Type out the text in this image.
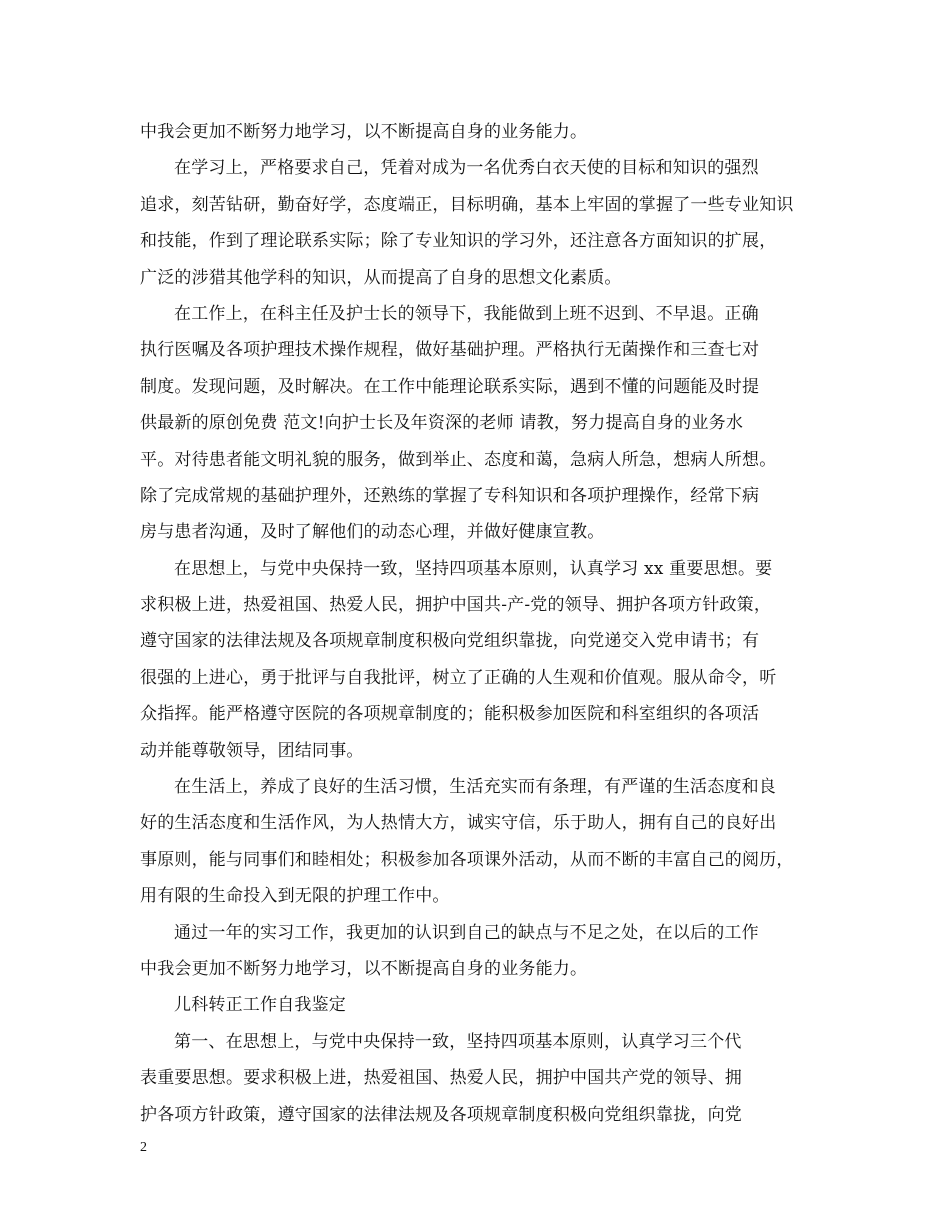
中我会更加不断努力地学习，以不断提高自身的业务能力。
在学习上，严格要求自己，凭着对成为一名优秀白衣天使的目标和知识的强烈
追求，刻苦钻研，勤奋好学，态度端正，目标明确，基本上牢固的掌握了一些专业知识
和技能，作到了理论联系实际；除了专业知识的学习外，还注意各方面知识的扩展，
广泛的涉猎其他学科的知识，从而提高了自身的思想文化素质。
在工作上，在科主任及护士长的领导下，我能做到上班不迟到、不早退。正确
执行医嘱及各项护理技术操作规程，做好基础护理。严格执行无菌操作和三查七对
制度。发现问题，及时解决。在工作中能理论联系实际，遇到不懂的问题能及时提
供最新的原创免费 范文!向护士长及年资深的老师 请教，努力提高自身的业务水
平。对待患者能文明礼貌的服务，做到举止、态度和蔼，急病人所急，想病人所想。
除了完成常规的基础护理外，还熟练的掌握了专科知识和各项护理操作，经常下病
房与患者沟通，及时了解他们的动态心理，并做好健康宣教。
在思想上，与党中央保持一致，坚持四项基本原则，认真学习 xx 重要思想。要
求积极上进，热爱祖国、热爱人民，拥护中国共-产-党的领导、拥护各项方针政策，
遵守国家的法律法规及各项规章制度积极向党组织靠拢，向党递交入党申请书；有
很强的上进心，勇于批评与自我批评，树立了正确的人生观和价值观。服从命令，听
众指挥。能严格遵守医院的各项规章制度的；能积极参加医院和科室组织的各项活
动并能尊敬领导，团结同事。
在生活上，养成了良好的生活习惯，生活充实而有条理，有严谨的生活态度和良
好的生活态度和生活作风，为人热情大方，诚实守信，乐于助人，拥有自己的良好出
事原则，能与同事们和睦相处；积极参加各项课外活动，从而不断的丰富自己的阅历，
用有限的生命投入到无限的护理工作中。
通过一年的实习工作，我更加的认识到自己的缺点与不足之处，在以后的工作
中我会更加不断努力地学习，以不断提高自身的业务能力。
儿科转正工作自我鉴定
第一、在思想上，与党中央保持一致，坚持四项基本原则，认真学习三个代
表重要思想。要求积极上进，热爱祖国、热爱人民，拥护中国共产党的领导、拥
护各项方针政策，遵守国家的法律法规及各项规章制度积极向党组织靠拢，向党
2
